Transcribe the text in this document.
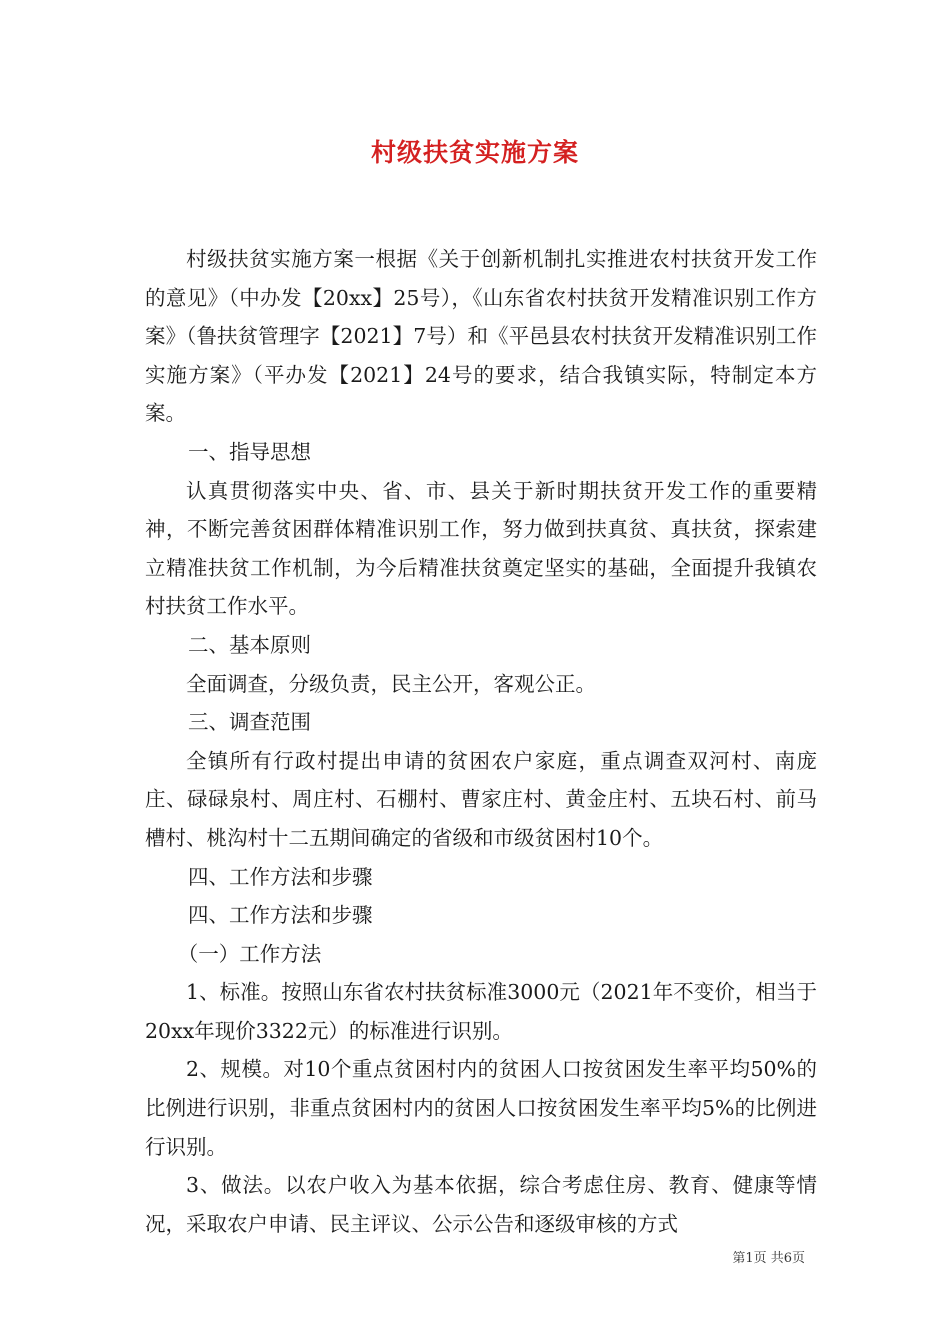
村级扶贫实施方案

村级扶贫实施方案一根据《关于创新机制扎实推进农村扶贫开发工作的意见》（中办发【20xx】25号），《山东省农村扶贫开发精准识别工作方案》（鲁扶贫管理字【2021】7号）和《平邑县农村扶贫开发精准识别工作实施方案》（平办发【2021】24号的要求，结合我镇实际，特制定本方案。

一、指导思想

认真贯彻落实中央、省、市、县关于新时期扶贫开发工作的重要精神，不断完善贫困群体精准识别工作，努力做到扶真贫、真扶贫，探索建立精准扶贫工作机制，为今后精准扶贫奠定坚实的基础，全面提升我镇农村扶贫工作水平。

二、基本原则

全面调查，分级负责，民主公开，客观公正。

三、调查范围

全镇所有行政村提出申请的贫困农户家庭，重点调查双河村、南庞庄、碌碌泉村、周庄村、石棚村、曹家庄村、黄金庄村、五块石村、前马槽村、桃沟村十二五期间确定的省级和市级贫困村10个。

四、工作方法和步骤

四、工作方法和步骤

（一）工作方法

1、标准。按照山东省农村扶贫标准3000元（2021年不变价，相当于20xx年现价3322元）的标准进行识别。

2、规模。对10个重点贫困村内的贫困人口按贫困发生率平均50%的比例进行识别，非重点贫困村内的贫困人口按贫困发生率平均5%的比例进行识别。

3、做法。以农户收入为基本依据，综合考虑住房、教育、健康等情况，采取农户申请、民主评议、公示公告和逐级审核的方式

第1页 共6页
